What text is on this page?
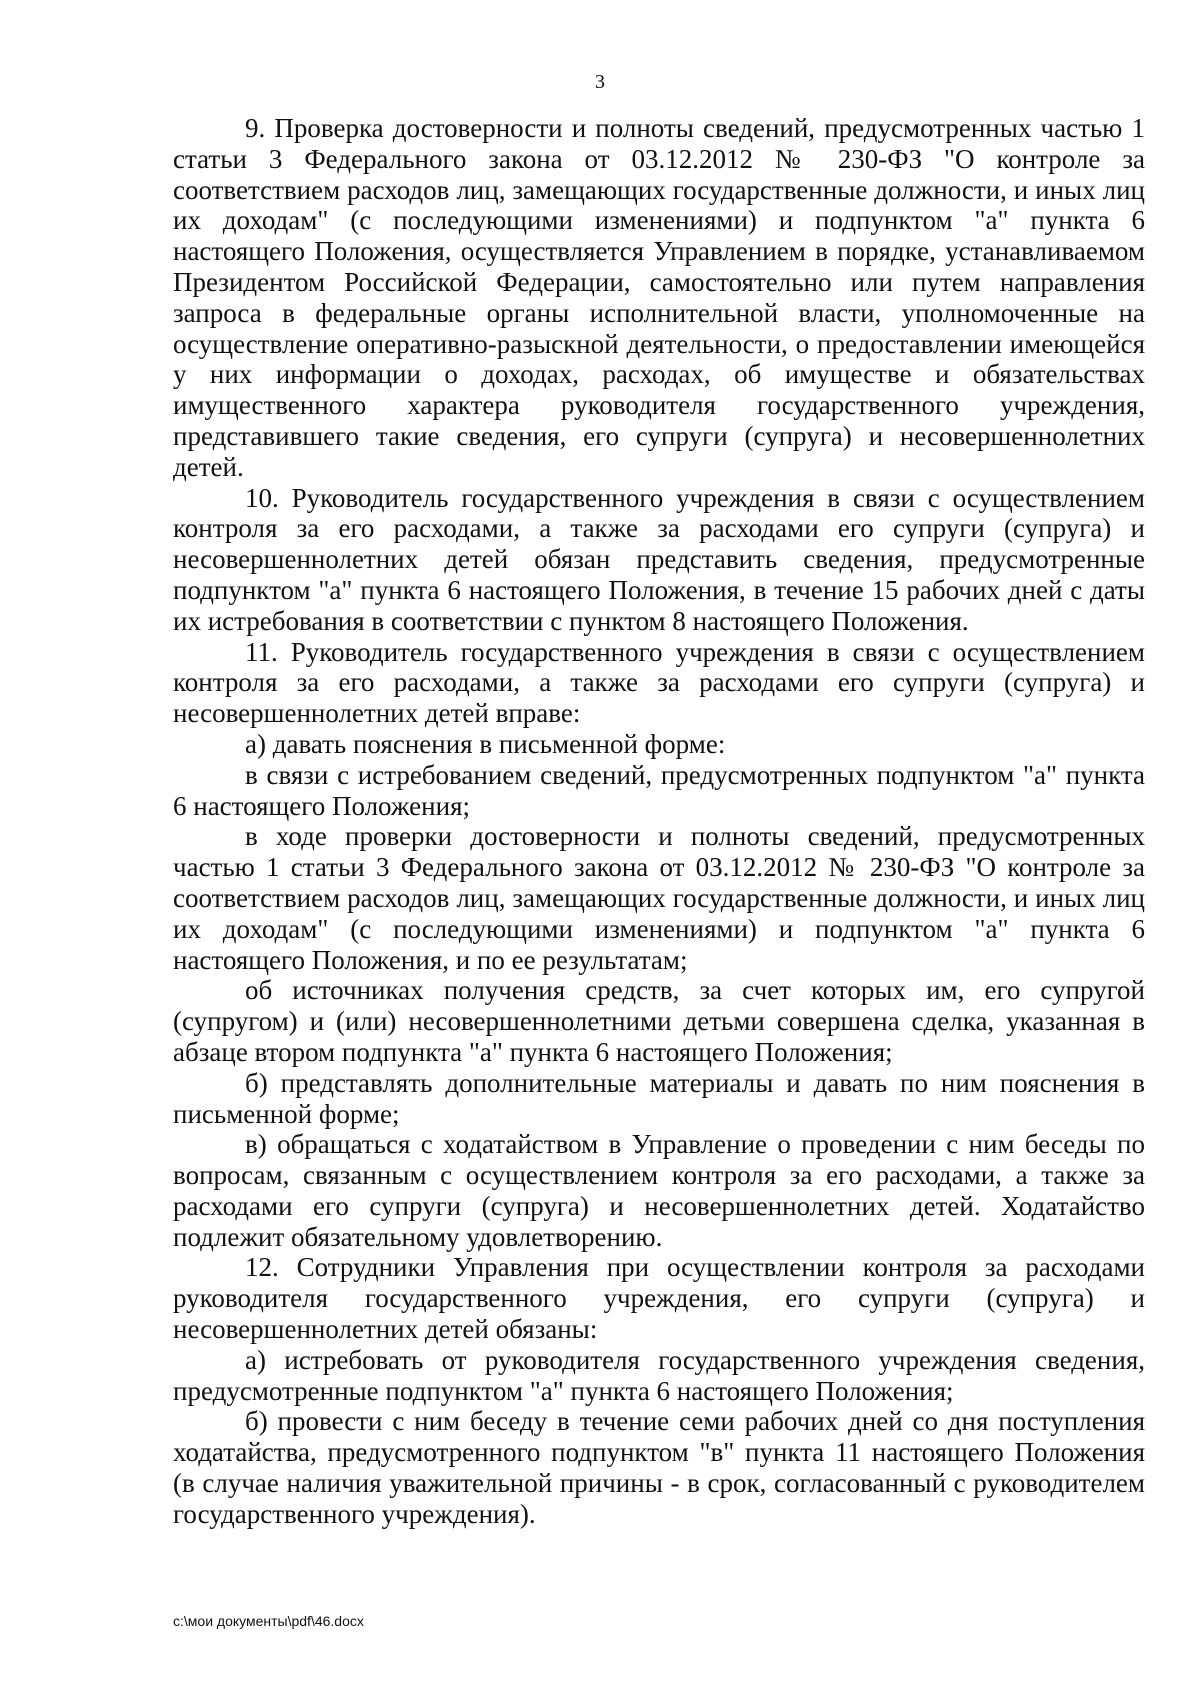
3

9. Проверка достоверности и полноты сведений, предусмотренных частью 1 статьи 3 Федерального закона от 03.12.2012 № 230-ФЗ "О контроле за соответствием расходов лиц, замещающих государственные должности, и иных лиц их доходам" (с последующими изменениями) и подпунктом "а" пункта 6 настоящего Положения, осуществляется Управлением в порядке, устанавливаемом Президентом Российской Федерации, самостоятельно или путем направления запроса в федеральные органы исполнительной власти, уполномоченные на осуществление оперативно-разыскной деятельности, о предоставлении имеющейся у них информации о доходах, расходах, об имуществе и обязательствах имущественного характера руководителя государственного учреждения, представившего такие сведения, его супруги (супруга) и несовершеннолетних детей.

10. Руководитель государственного учреждения в связи с осуществлением контроля за его расходами, а также за расходами его супруги (супруга) и несовершеннолетних детей обязан представить сведения, предусмотренные подпунктом "а" пункта 6 настоящего Положения, в течение 15 рабочих дней с даты их истребования в соответствии с пунктом 8 настоящего Положения.

11. Руководитель государственного учреждения в связи с осуществлением контроля за его расходами, а также за расходами его супруги (супруга) и несовершеннолетних детей вправе:

а) давать пояснения в письменной форме:

в связи с истребованием сведений, предусмотренных подпунктом "а" пункта 6 настоящего Положения;

в ходе проверки достоверности и полноты сведений, предусмотренных частью 1 статьи 3 Федерального закона от 03.12.2012 № 230-ФЗ "О контроле за соответствием расходов лиц, замещающих государственные должности, и иных лиц их доходам" (с последующими изменениями) и подпунктом "а" пункта 6 настоящего Положения, и по ее результатам;

об источниках получения средств, за счет которых им, его супругой (супругом) и (или) несовершеннолетними детьми совершена сделка, указанная в абзаце втором подпункта "а" пункта 6 настоящего Положения;

б) представлять дополнительные материалы и давать по ним пояснения в письменной форме;

в) обращаться с ходатайством в Управление о проведении с ним беседы по вопросам, связанным с осуществлением контроля за его расходами, а также за расходами его супруги (супруга) и несовершеннолетних детей. Ходатайство подлежит обязательному удовлетворению.

12. Сотрудники Управления при осуществлении контроля за расходами руководителя государственного учреждения, его супруги (супруга) и несовершеннолетних детей обязаны:

а) истребовать от руководителя государственного учреждения сведения, предусмотренные подпунктом "а" пункта 6 настоящего Положения;

б) провести с ним беседу в течение семи рабочих дней со дня поступления ходатайства, предусмотренного подпунктом "в" пункта 11 настоящего Положения (в случае наличия уважительной причины - в срок, согласованный с руководителем государственного учреждения).

c:\мои документы\pdf\46.docx
